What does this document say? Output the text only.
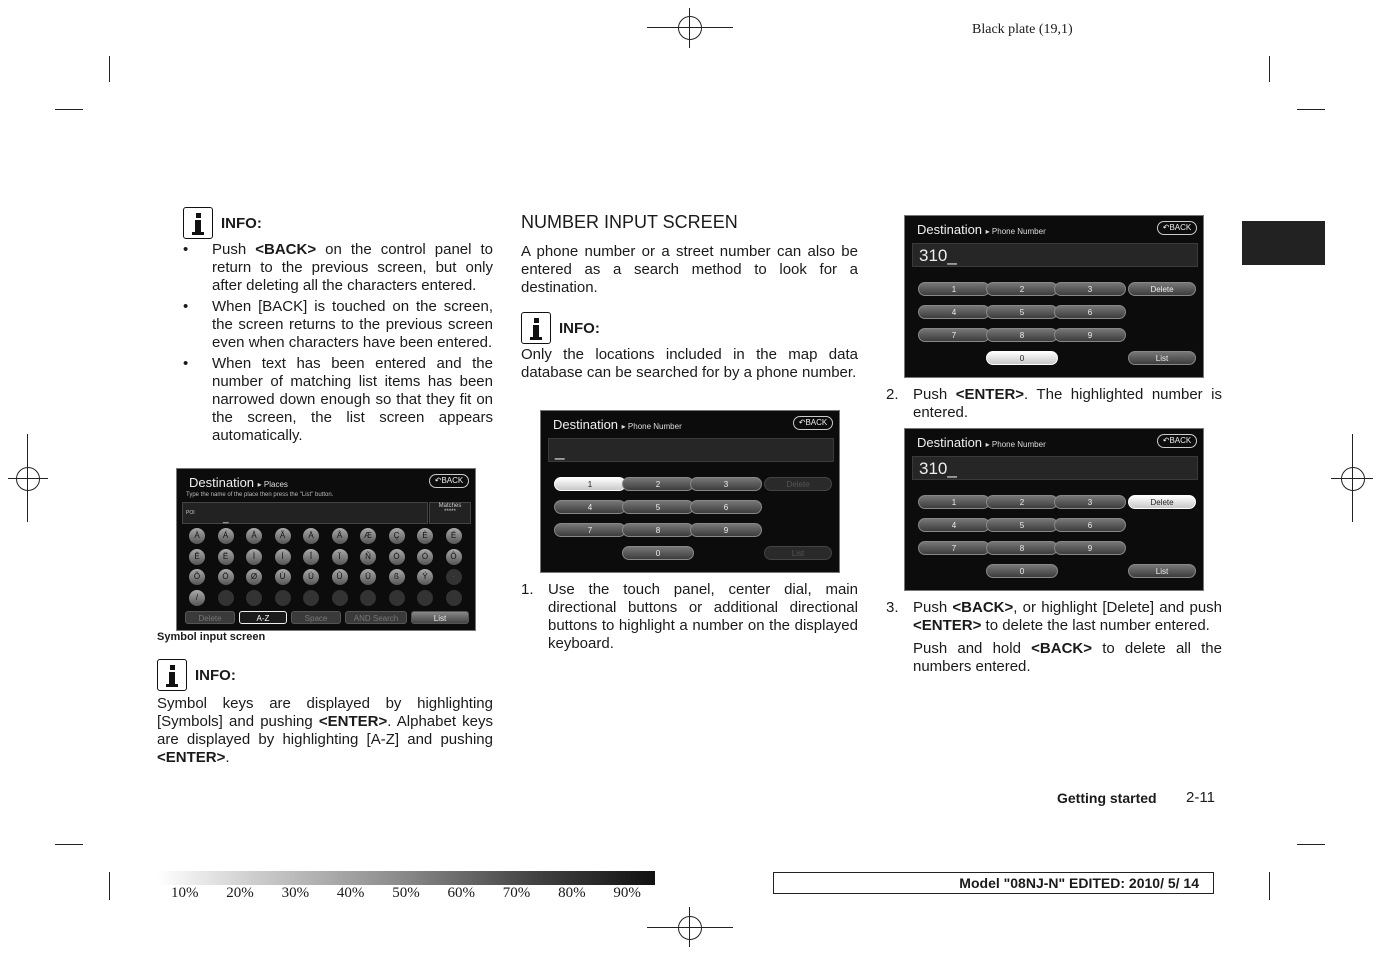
Black plate (19,1)
INFO:
• Push <BACK> on the control panel to return to the previous screen, but only after deleting all the characters entered.
• When [BACK] is touched on the screen, the screen returns to the previous screen even when characters have been entered.
• When text has been entered and the number of matching list items has been narrowed down enough so that they fit on the screen, the list screen appears automatically.
Destination ▸ Places	↶BACK
Type the name of the place then press the "List" button.
POI	_
Matches
*****
À	Á	Â	Ã	Ä	Å	Æ	Ç	È	É
Ê	Ë	Ì	Í	Î	Ï	Ñ	Ò	Ó	Ô
Õ	Ö	Ø	Ù	Ú	Û	Ü	ß	Ý	·
/
Delete	A-Z	Space	AND Search	List
Symbol input screen
INFO:
Symbol keys are displayed by highlighting [Symbols] and pushing <ENTER>. Alphabet keys are displayed by highlighting [A-Z] and pushing <ENTER>.
NUMBER INPUT SCREEN
A phone number or a street number can also be entered as a search method to look for a destination.
INFO:
Only the locations included in the map data database can be searched for by a phone number.
Destination ▸ Phone Number	↶BACK
_
1	2	3
4	5	6
7	8	9
0
Delete
List
1. Use the touch panel, center dial, main directional buttons or additional directional buttons to highlight a number on the displayed keyboard.
Destination ▸ Phone Number	↶BACK
310_
1	2	3
4	5	6
7	8	9
0
Delete
List
2. Push <ENTER>. The highlighted number is entered.
Destination ▸ Phone Number	↶BACK
310_
1	2	3
4	5	6
7	8	9
0
Delete
List
3. Push <BACK>, or highlight [Delete] and push <ENTER> to delete the last number entered.
Push and hold <BACK> to delete all the numbers entered.
Getting started 2-11
10% 20% 30% 40% 50% 60% 70% 80% 90%
Model "08NJ-N" EDITED: 2010/ 5/ 14
